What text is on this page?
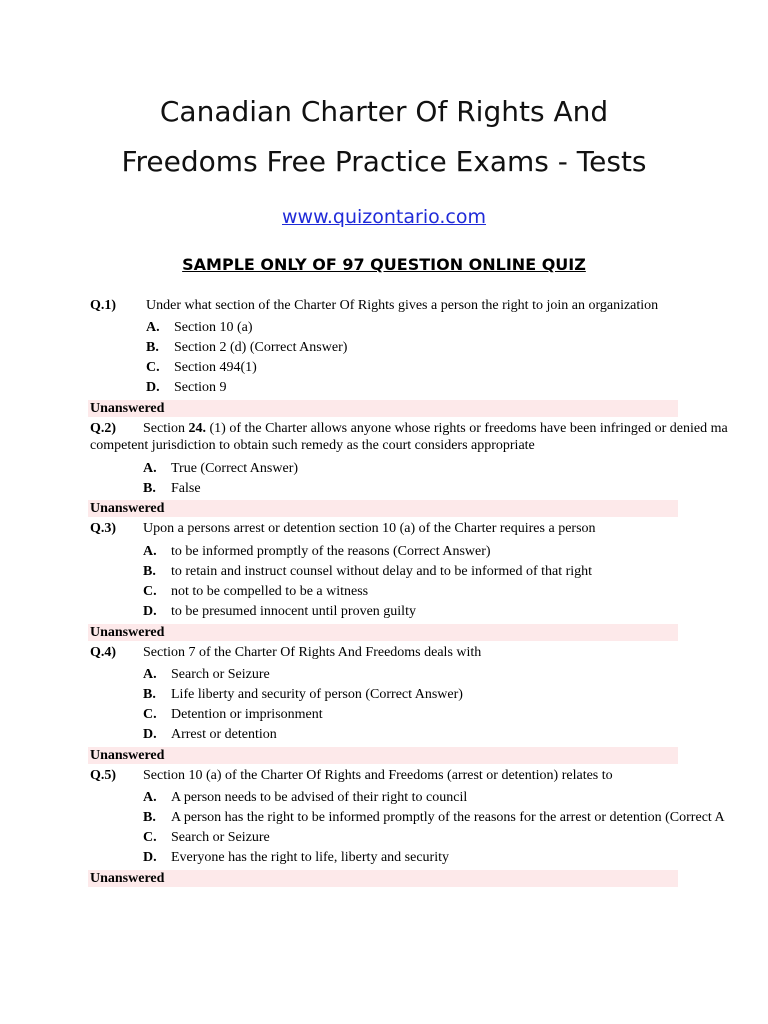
Canadian Charter Of Rights And
Freedoms Free Practice Exams - Tests
www.quizontario.com
SAMPLE ONLY OF 97 QUESTION ONLINE QUIZ
Q.1) Under what section of the Charter Of Rights gives a person the right to join an organization
A. Section 10 (a)
B. Section 2 (d) (Correct Answer)
C. Section 494(1)
D. Section 9
Unanswered
Q.2) Section 24. (1) of the Charter allows anyone whose rights or freedoms have been infringed or denied ma
competent jurisdiction to obtain such remedy as the court considers appropriate
A. True (Correct Answer)
B. False
Unanswered
Q.3) Upon a persons arrest or detention section 10 (a) of the Charter requires a person
A. to be informed promptly of the reasons (Correct Answer)
B. to retain and instruct counsel without delay and to be informed of that right
C. not to be compelled to be a witness
D. to be presumed innocent until proven guilty
Unanswered
Q.4) Section 7 of the Charter Of Rights And Freedoms deals with
A. Search or Seizure
B. Life liberty and security of person (Correct Answer)
C. Detention or imprisonment
D. Arrest or detention
Unanswered
Q.5) Section 10 (a) of the Charter Of Rights and Freedoms (arrest or detention) relates to
A. A person needs to be advised of their right to council
B. A person has the right to be informed promptly of the reasons for the arrest or detention (Correct A
C. Search or Seizure
D. Everyone has the right to life, liberty and security
Unanswered
